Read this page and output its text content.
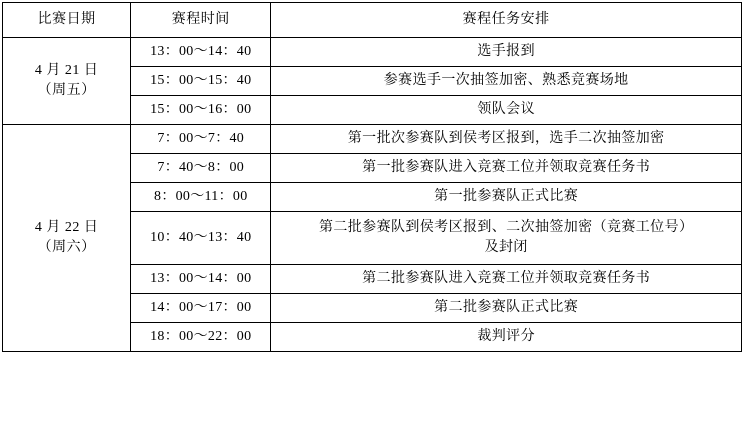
比赛日期	赛程时间	赛程任务安排

4 月 21 日
（周五）	13：00～14：40	选手报到
	15：00～15：40	参赛选手一次抽签加密、熟悉竞赛场地
	15：00～16：00	领队会议

4 月 22 日
（周六）	7：00～7：40	第一批次参赛队到侯考区报到，选手二次抽签加密
	7：40～8：00	第一批参赛队进入竞赛工位并领取竞赛任务书
	8：00～11：00	第一批参赛队正式比赛
	10：40～13：40	第二批参赛队到侯考区报到、二次抽签加密（竞赛工位号）
及封闭

	13：00～14：00	第二批参赛队进入竞赛工位并领取竞赛任务书
	14：00～17：00	第二批参赛队正式比赛
	18：00～22：00	裁判评分
